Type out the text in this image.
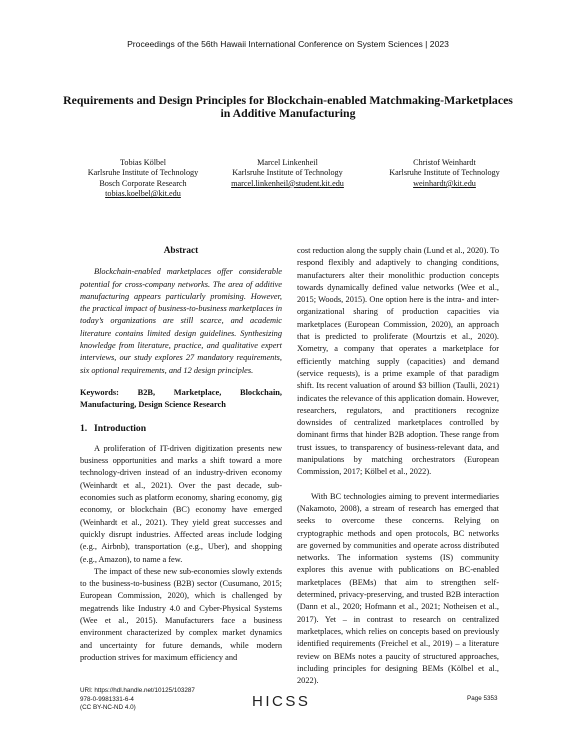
Proceedings of the 56th Hawaii International Conference on System Sciences | 2023
Requirements and Design Principles for Blockchain-enabled Matchmaking-Marketplaces in Additive Manufacturing
Tobias Kölbel
Karlsruhe Institute of Technology
Bosch Corporate Research
tobias.koelbel@kit.edu
Marcel Linkenheil
Karlsruhe Institute of Technology
marcel.linkenheil@student.kit.edu
Christof Weinhardt
Karlsruhe Institute of Technology
weinhardt@kit.edu
Abstract

Blockchain-enabled marketplaces offer considerable potential for cross-company networks. The area of additive manufacturing appears particularly promising. However, the practical impact of business-to-business marketplaces in today’s organizations are still scarce, and academic literature contains limited design guidelines. Synthesizing knowledge from literature, practice, and qualitative expert interviews, our study explores 27 mandatory requirements, six optional requirements, and 12 design principles.

Keywords: B2B, Marketplace, Blockchain, Manufacturing, Design Science Research

1. Introduction

A proliferation of IT-driven digitization presents new business opportunities and marks a shift toward a more technology-driven instead of an industry-driven economy (Weinhardt et al., 2021). Over the past decade, sub-economies such as platform economy, sharing economy, gig economy, or blockchain (BC) economy have emerged (Weinhardt et al., 2021). They yield great successes and quickly disrupt industries. Affected areas include lodging (e.g., Airbnb), transportation (e.g., Uber), and shopping (e.g., Amazon), to name a few.

The impact of these new sub-economies slowly extends to the business-to-business (B2B) sector (Cusumano, 2015; European Commission, 2020), which is challenged by megatrends like Industry 4.0 and Cyber-Physical Systems (Wee et al., 2015). Manufacturers face a business environment characterized by complex market dynamics and uncertainty for future demands, while modern production strives for maximum efficiency and

cost reduction along the supply chain (Lund et al., 2020). To respond flexibly and adaptively to changing conditions, manufacturers alter their monolithic production concepts towards dynamically defined value networks (Wee et al., 2015; Woods, 2015). One option here is the intra- and inter-organizational sharing of production capacities via marketplaces (European Commission, 2020), an approach that is predicted to proliferate (Mourtzis et al., 2020). Xometry, a company that operates a marketplace for efficiently matching supply (capacities) and demand (service requests), is a prime example of that paradigm shift. Its recent valuation of around $3 billion (Taulli, 2021) indicates the relevance of this application domain. However, researchers, regulators, and practitioners recognize downsides of centralized marketplaces controlled by dominant firms that hinder B2B adoption. These range from trust issues, to transparency of business-relevant data, and manipulations by matching orchestrators (European Commission, 2017; Kölbel et al., 2022).

With BC technologies aiming to prevent intermediaries (Nakamoto, 2008), a stream of research has emerged that seeks to overcome these concerns. Relying on cryptographic methods and open protocols, BC networks are governed by communities and operate across distributed networks. The information systems (IS) community explores this avenue with publications on BC-enabled marketplaces (BEMs) that aim to strengthen self-determined, privacy-preserving, and trusted B2B interaction (Dann et al., 2020; Hofmann et al., 2021; Notheisen et al., 2017). Yet – in contrast to research on centralized marketplaces, which relies on concepts based on previously identified requirements (Freichel et al., 2019) – a literature review on BEMs notes a paucity of structured approaches, including principles for designing BEMs (Kölbel et al., 2022).

URI: https://hdl.handle.net/10125/103287
978-0-9981331-6-4
(CC BY-NC-ND 4.0)	HICSS	Page 5353
